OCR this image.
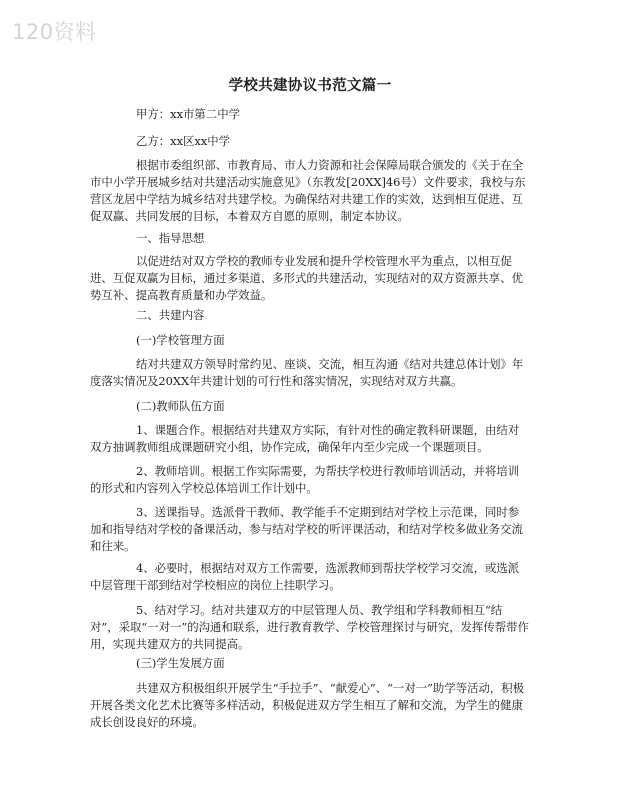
120资料
学校共建协议书范文篇一

甲方：xx市第二中学

乙方：xx区xx中学

根据市委组织部、市教育局、市人力资源和社会保障局联合颁发的《关于在全市中小学开展城乡结对共建活动实施意见》（东教发[20XX]46号）文件要求，我校与东营区龙居中学结为城乡结对共建学校。为确保结对共建工作的实效，达到相互促进、互促双赢、共同发展的目标，本着双方自愿的原则，制定本协议。

一、指导思想

以促进结对双方学校的教师专业发展和提升学校管理水平为重点，以相互促进、互促双赢为目标，通过多渠道、多形式的共建活动，实现结对的双方资源共享、优势互补、提高教育质量和办学效益。

二、共建内容

(一)学校管理方面

结对共建双方领导时常约见、座谈、交流，相互沟通《结对共建总体计划》年度落实情况及20XX年共建计划的可行性和落实情况，实现结对双方共赢。

(二)教师队伍方面

1、课题合作。根据结对共建双方实际，有针对性的确定教科研课题，由结对双方抽调教师组成课题研究小组，协作完成，确保年内至少完成一个课题项目。

2、教师培训。根据工作实际需要，为帮扶学校进行教师培训活动，并将培训的形式和内容列入学校总体培训工作计划中。

3、送课指导。选派骨干教师、教学能手不定期到结对学校上示范课，同时参加和指导结对学校的备课活动，参与结对学校的听评课活动，和结对学校多做业务交流和往来。

4、必要时，根据结对双方工作需要，选派教师到帮扶学校学习交流，或选派中层管理干部到结对学校相应的岗位上挂职学习。

5、结对学习。结对共建双方的中层管理人员、教学组和学科教师相互“结对”，采取“一对一”的沟通和联系，进行教育教学、学校管理探讨与研究，发挥传帮带作用，实现共建双方的共同提高。

(三)学生发展方面

共建双方积极组织开展学生“手拉手”、“献爱心”、“一对一”助学等活动，积极开展各类文化艺术比赛等多样活动，积极促进双方学生相互了解和交流，为学生的健康成长创设良好的环境。
